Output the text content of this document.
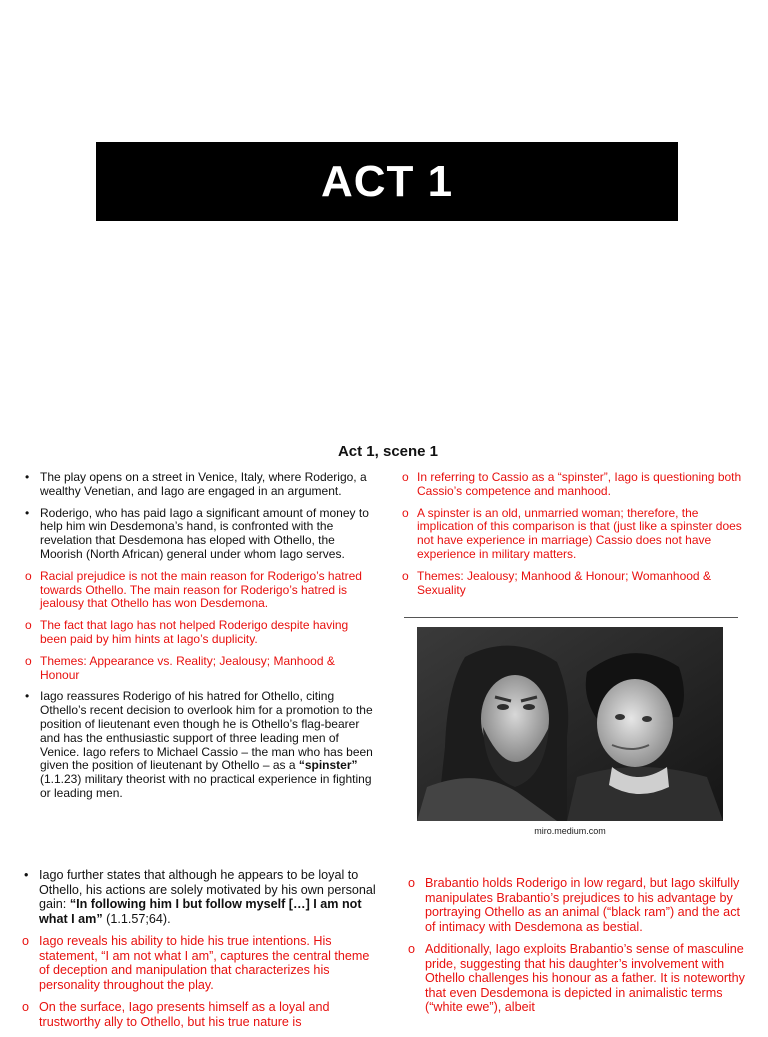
ACT 1
Act 1, scene 1
• The play opens on a street in Venice, Italy, where Roderigo, a wealthy Venetian, and Iago are engaged in an argument.
• Roderigo, who has paid Iago a significant amount of money to help him win Desdemona’s hand, is confronted with the revelation that Desdemona has eloped with Othello, the Moorish (North African) general under whom Iago serves.
o Racial prejudice is not the main reason for Roderigo’s hatred towards Othello. The main reason for Roderigo’s hatred is jealousy that Othello has won Desdemona.
o The fact that Iago has not helped Roderigo despite having been paid by him hints at Iago’s duplicity.
o Themes: Appearance vs. Reality; Jealousy; Manhood & Honour
• Iago reassures Roderigo of his hatred for Othello, citing Othello’s recent decision to overlook him for a promotion to the position of lieutenant even though he is Othello’s flag-bearer and has the enthusiastic support of three leading men of Venice. Iago refers to Michael Cassio – the man who has been given the position of lieutenant by Othello – as a “spinster” (1.1.23) military theorist with no practical experience in fighting or leading men.
o In referring to Cassio as a “spinster”, Iago is questioning both Cassio’s competence and manhood.
o A spinster is an old, unmarried woman; therefore, the implication of this comparison is that (just like a spinster does not have experience in marriage) Cassio does not have experience in military matters.
o Themes: Jealousy; Manhood & Honour; Womanhood & Sexuality
miro.medium.com
• Iago further states that although he appears to be loyal to Othello, his actions are solely motivated by his own personal gain: “In following him I but follow myself […] I am not what I am” (1.1.57;64).
o Iago reveals his ability to hide his true intentions. His statement, “I am not what I am”, captures the central theme of deception and manipulation that characterizes his personality throughout the play.
o On the surface, Iago presents himself as a loyal and trustworthy ally to Othello, but his true nature is
o Brabantio holds Roderigo in low regard, but Iago skilfully manipulates Brabantio’s prejudices to his advantage by portraying Othello as an animal (“black ram”) and the act of intimacy with Desdemona as bestial.
o Additionally, Iago exploits Brabantio’s sense of masculine pride, suggesting that his daughter’s involvement with Othello challenges his honour as a father. It is noteworthy that even Desdemona is depicted in animalistic terms (“white ewe”), albeit
